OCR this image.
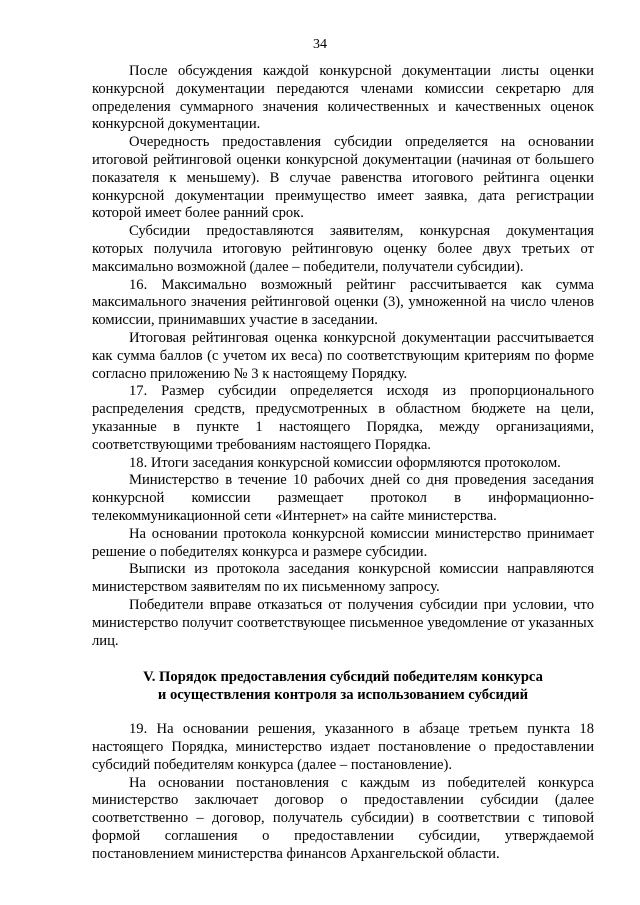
34

После обсуждения каждой конкурсной документации листы оценки конкурсной документации передаются членами комиссии секретарю для определения суммарного значения количественных и качественных оценок конкурсной документации.

Очередность предоставления субсидии определяется на основании итоговой рейтинговой оценки конкурсной документации (начиная от большего показателя к меньшему). В случае равенства итогового рейтинга оценки конкурсной документации преимущество имеет заявка, дата регистрации которой имеет более ранний срок.

Субсидии предоставляются заявителям, конкурсная документация которых получила итоговую рейтинговую оценку более двух третьих от максимально возможной (далее – победители, получатели субсидии).

16. Максимально возможный рейтинг рассчитывается как сумма максимального значения рейтинговой оценки (3), умноженной на число членов комиссии, принимавших участие в заседании.

Итоговая рейтинговая оценка конкурсной документации рассчитывается как сумма баллов (с учетом их веса) по соответствующим критериям по форме согласно приложению № 3 к настоящему Порядку.

17. Размер субсидии определяется исходя из пропорционального распределения средств, предусмотренных в областном бюджете на цели, указанные в пункте 1 настоящего Порядка, между организациями, соответствующими требованиям настоящего Порядка.

18. Итоги заседания конкурсной комиссии оформляются протоколом.

Министерство в течение 10 рабочих дней со дня проведения заседания конкурсной комиссии размещает протокол в информационно-телекоммуникационной сети «Интернет» на сайте министерства.

На основании протокола конкурсной комиссии министерство принимает решение о победителях конкурса и размере субсидии.

Выписки из протокола заседания конкурсной комиссии направляются министерством заявителям по их письменному запросу.

Победители вправе отказаться от получения субсидии при условии, что министерство получит соответствующее письменное уведомление от указанных лиц.

V. Порядок предоставления субсидий победителям конкурса
и осуществления контроля за использованием субсидий

19. На основании решения, указанного в абзаце третьем пункта 18 настоящего Порядка, министерство издает постановление о предоставлении субсидий победителям конкурса (далее – постановление).

На основании постановления с каждым из победителей конкурса министерство заключает договор о предоставлении субсидии (далее соответственно – договор, получатель субсидии) в соответствии с типовой формой соглашения о предоставлении субсидии, утверждаемой постановлением министерства финансов Архангельской области.
